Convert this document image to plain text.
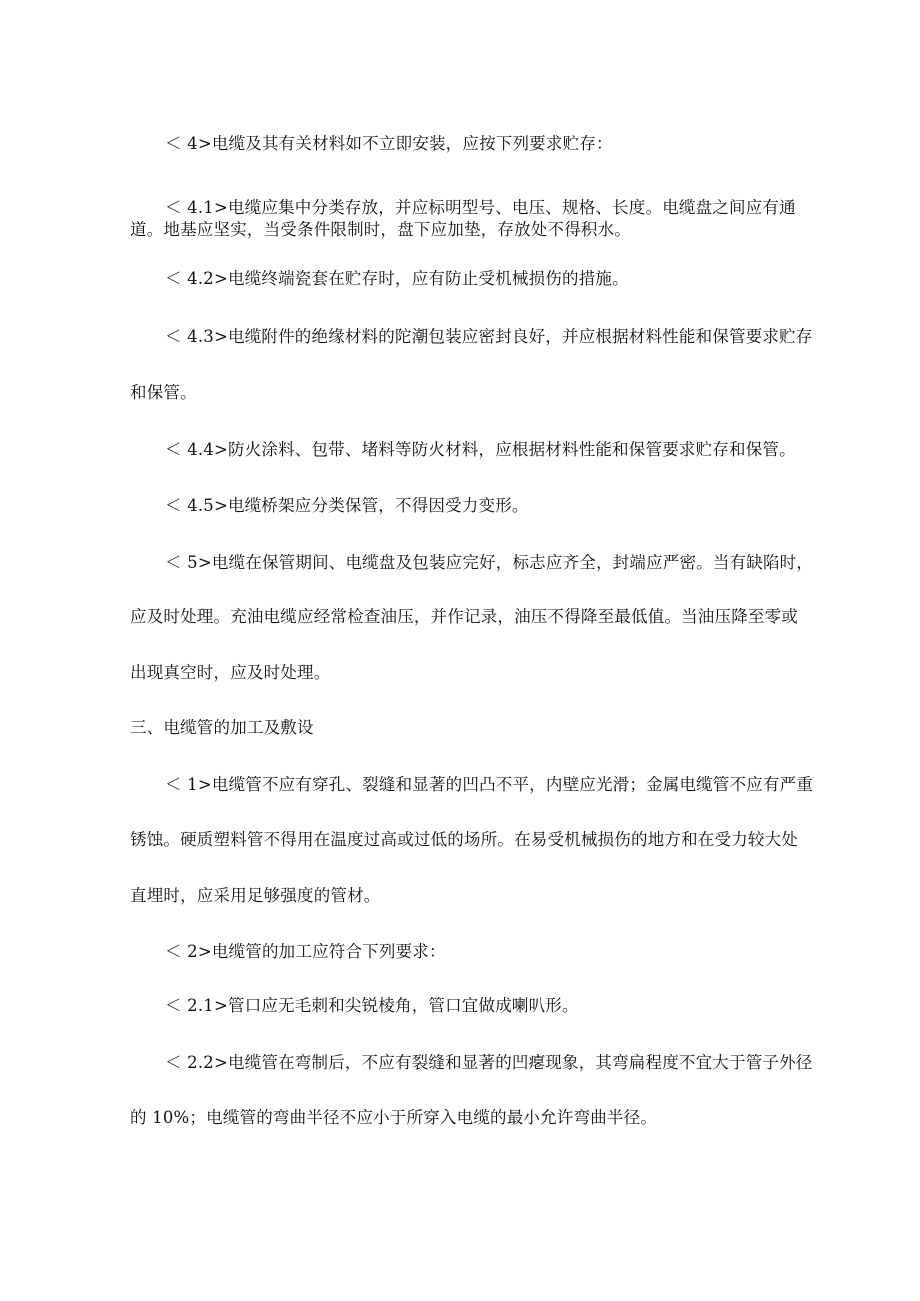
＜ 4>电缆及其有关材料如不立即安装，应按下列要求贮存：
＜ 4.1>电缆应集中分类存放，并应标明型号、电压、规格、长度。电缆盘之间应有通
道。地基应坚实，当受条件限制时，盘下应加垫，存放处不得积水。
＜ 4.2>电缆终端瓷套在贮存时，应有防止受机械损伤的措施。
＜ 4.3>电缆附件的绝缘材料的陀潮包装应密封良好，并应根据材料性能和保管要求贮存
和保管。
＜ 4.4>防火涂料、包带、堵料等防火材料，应根据材料性能和保管要求贮存和保管。
＜ 4.5>电缆桥架应分类保管，不得因受力变形。
＜ 5>电缆在保管期间、电缆盘及包装应完好，标志应齐全，封端应严密。当有缺陷时，
应及时处理。充油电缆应经常检查油压，并作记录，油压不得降至最低值。当油压降至零或
出现真空时，应及时处理。
三、电缆管的加工及敷设
＜ 1>电缆管不应有穿孔、裂缝和显著的凹凸不平，内壁应光滑；金属电缆管不应有严重
锈蚀。硬质塑料管不得用在温度过高或过低的场所。在易受机械损伤的地方和在受力较大处
直埋时，应采用足够强度的管材。
＜ 2>电缆管的加工应符合下列要求：
＜ 2.1>管口应无毛刺和尖锐棱角，管口宜做成喇叭形。
＜ 2.2>电缆管在弯制后，不应有裂缝和显著的凹瘪现象，其弯扁程度不宜大于管子外径
的 10%；电缆管的弯曲半径不应小于所穿入电缆的最小允许弯曲半径。
